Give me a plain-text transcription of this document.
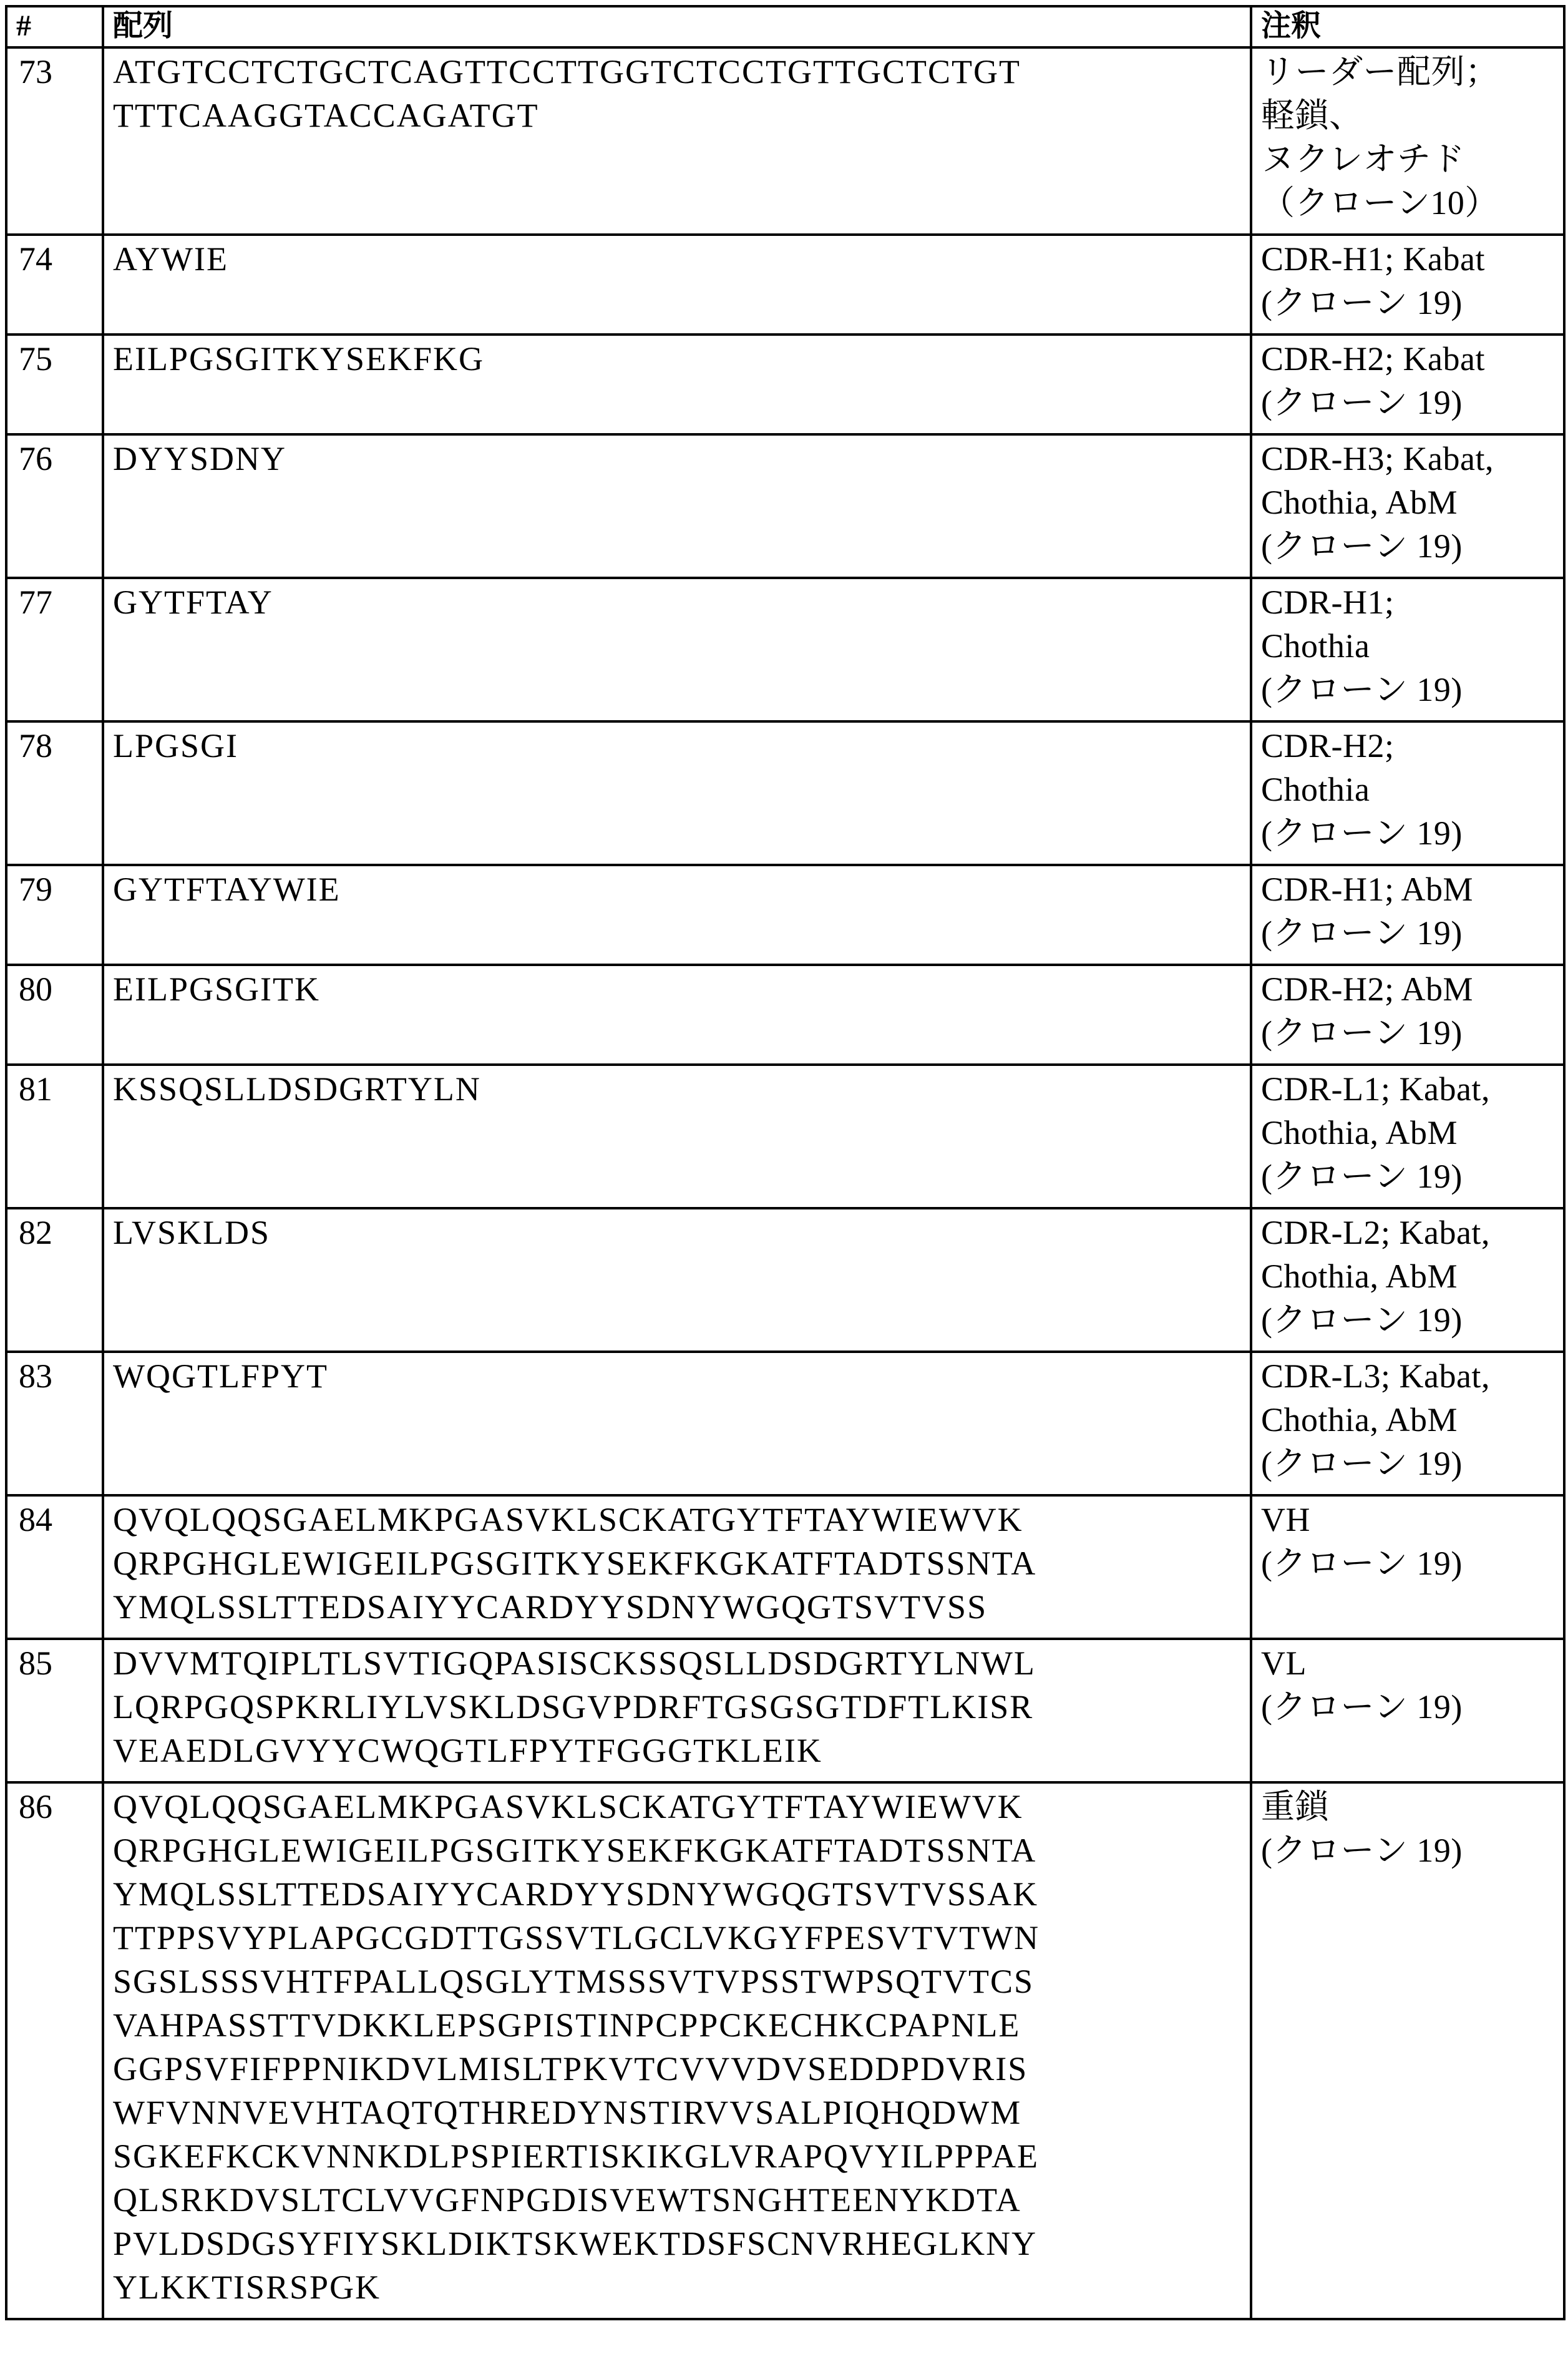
#	配列	注釈
73	ATGTCCTCTGCTCAGTTCCTTGGTCTCCTGTTGCTCTGT
TTTCAAGGTACCAGATGT	リーダー配列；
軽鎖、
ヌクレオチド
（クローン10）
74	AYWIE	CDR-H1; Kabat
(クローン 19)
75	EILPGSGITKYSEKFKG	CDR-H2; Kabat
(クローン 19)
76	DYYSDNY	CDR-H3; Kabat,
Chothia, AbM
(クローン 19)
77	GYTFTAY	CDR-H1;
Chothia
(クローン 19)
78	LPGSGI	CDR-H2;
Chothia
(クローン 19)
79	GYTFTAYWIE	CDR-H1; AbM
(クローン 19)
80	EILPGSGITK	CDR-H2; AbM
(クローン 19)
81	KSSQSLLDSDGRTYLN	CDR-L1; Kabat,
Chothia, AbM
(クローン 19)
82	LVSKLDS	CDR-L2; Kabat,
Chothia, AbM
(クローン 19)
83	WQGTLFPYT	CDR-L3; Kabat,
Chothia, AbM
(クローン 19)
84	QVQLQQSGAELMKPGASVKLSCKATGYTFTAYWIEWVK
QRPGHGLEWIGEILPGSGITKYSEKFKGKATFTADTSSNTA
YMQLSSLTTEDSAIYYCARDYYSDNYWGQGTSVTVSS	VH
(クローン 19)
85	DVVMTQIPLTLSVTIGQPASISCKSSQSLLDSDGRTYLNWL
LQRPGQSPKRLIYLVSKLDSGVPDRFTGSGSGTDFTLKISR
VEAEDLGVYYCWQGTLFPYTFGGGTKLEIK	VL
(クローン 19)
86	QVQLQQSGAELMKPGASVKLSCKATGYTFTAYWIEWVK
QRPGHGLEWIGEILPGSGITKYSEKFKGKATFTADTSSNTA
YMQLSSLTTEDSAIYYCARDYYSDNYWGQGTSVTVSSAK
TTPPSVYPLAPGCGDTTGSSVTLGCLVKGYFPESVTVTWN
SGSLSSSVHTFPALLQSGLYTMSSSVTVPSSTWPSQTVTCS
VAHPASSTTVDKKLEPSGPISTINPCPPCKECHKCPAPNLE
GGPSVFIFPPNIKDVLMISLTPKVTCVVVDVSEDDPDVRIS
WFVNNVEVHTAQTQTHREDYNSTIRVVSALPIQHQDWM
SGKEFKCKVNNKDLPSPIERTISKIKGLVRAPQVYILPPPAE
QLSRKDVSLTCLVVGFNPGDISVEWTSNGHTEENYKDTA
PVLDSDGSYFIYSKLDIKTSKWEKTDSFSCNVRHEGLKNY
YLKKTISRSPGK	重鎖
(クローン 19)
